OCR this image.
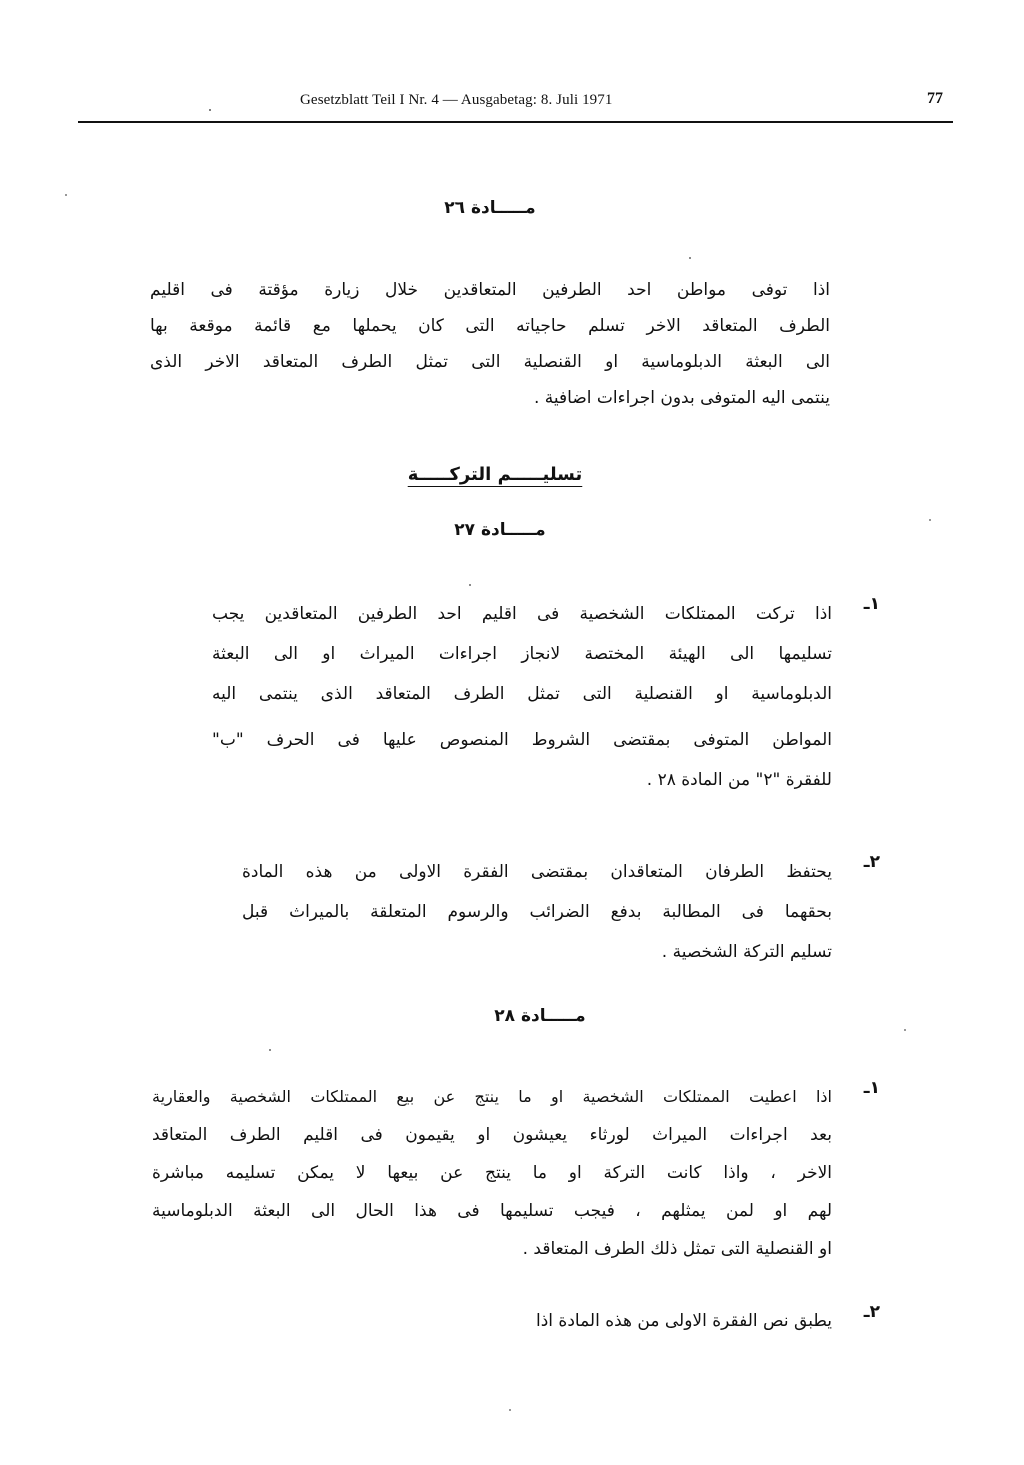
Gesetzblatt Teil I Nr. 4 — Ausgabetag: 8. Juli 1971	77
مـــــادة ٢٦
اذا توفى مواطن احد الطرفين المتعاقدين خلال زيارة مؤقتة فى اقليم
الطرف المتعاقد الاخر تسلم حاجياته التى كان يحملها مع قائمة موقعة بها
الى البعثة الدبلوماسية او القنصلية التى تمثل الطرف المتعاقد الاخر الذى
ينتمى اليه المتوفى بدون اجراءات اضافية .
تسليـــــم التركـــــة
مـــــادة ٢٧
١ـ
اذا تركت الممتلكات الشخصية فى اقليم احد الطرفين المتعاقدين يجب
تسليمها الى الهيئة المختصة لانجاز اجراءات الميراث او الى البعثة
الدبلوماسية او القنصلية التى تمثل الطرف المتعاقد الذى ينتمى اليه
المواطن المتوفى بمقتضى الشروط المنصوص عليها فى الحرف "ب"
للفقرة "٢" من المادة ٢٨ .
٢ـ
يحتفظ الطرفان المتعاقدان بمقتضى الفقرة الاولى من هذه المادة
بحقهما فى المطالبة بدفع الضرائب والرسوم المتعلقة بالميراث قبل
تسليم التركة الشخصية .
مـــــادة ٢٨
١ـ
اذا اعطيت الممتلكات الشخصية او ما ينتج عن بيع الممتلكات الشخصية والعقارية
بعد اجراءات الميراث لورثاء يعيشون او يقيمون فى اقليم الطرف المتعاقد
الاخر ، واذا كانت التركة او ما ينتج عن بيعها لا يمكن تسليمه مباشرة
لهم او لمن يمثلهم ، فيجب تسليمها فى هذا الحال الى البعثة الدبلوماسية
او القنصلية التى تمثل ذلك الطرف المتعاقد .
٢ـ
يطبق نص الفقرة الاولى من هذه المادة اذا
